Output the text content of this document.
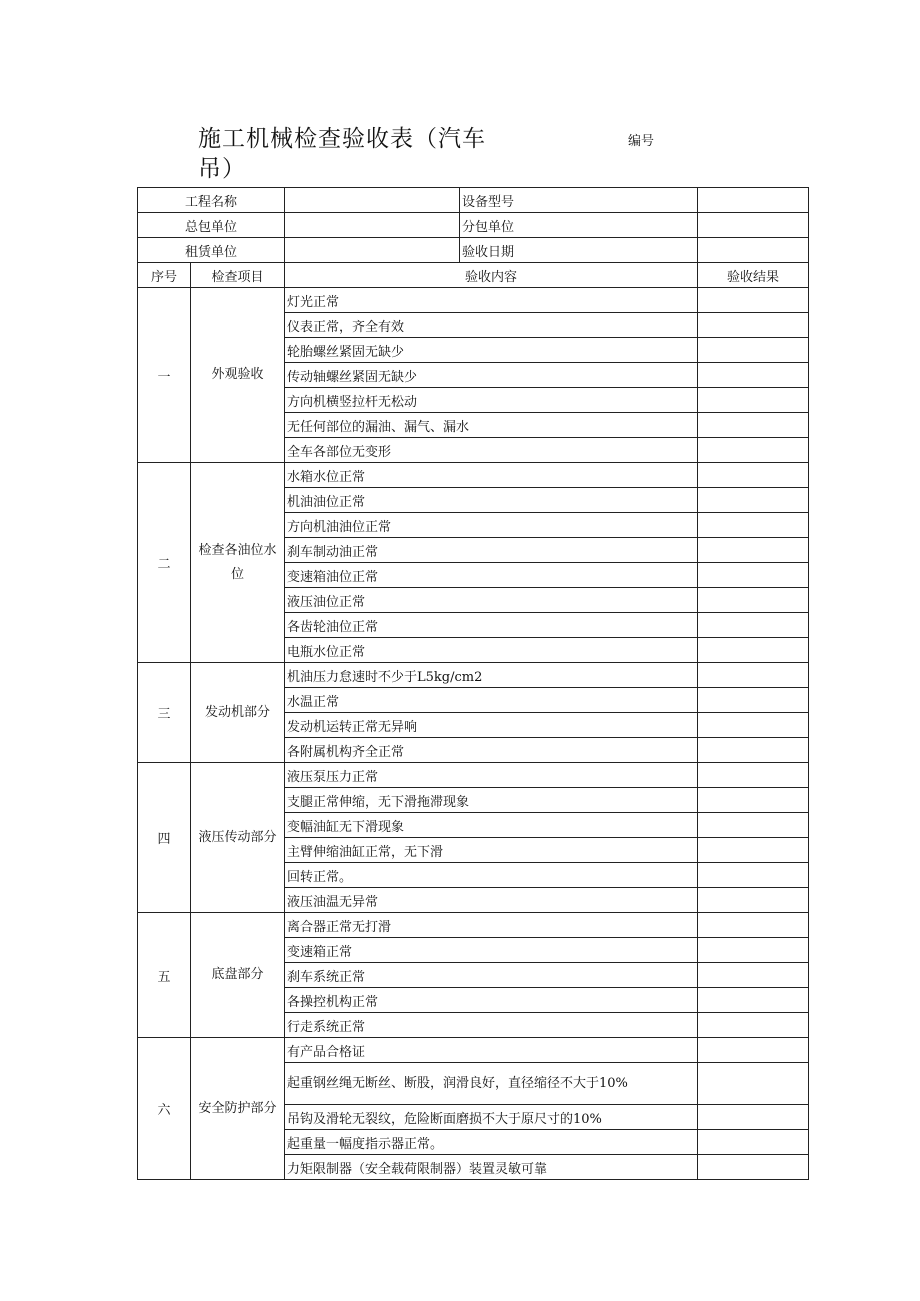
施工机械检查验收表（汽车
吊）
编号
工程名称			设备型号	
总包单位			分包单位	
租赁单位			验收日期	
序号	检查项目	验收内容		验收结果
一	外观验收	灯光正常		
		仪表正常，齐全有效		
		轮胎螺丝紧固无缺少		
		传动轴螺丝紧固无缺少		
		方向机横竖拉杆无松动		
		无任何部位的漏油、漏气、漏水		
		全车各部位无变形		
二	检查各油位水位	水箱水位正常		
		机油油位正常		
		方向机油油位正常		
		刹车制动油正常		
		变速箱油位正常		
		液压油位正常		
		各齿轮油位正常		
		电瓶水位正常		
三	发动机部分	机油压力怠速时不少于L5kg∕cm2		
		水温正常		
		发动机运转正常无异响		
		各附属机构齐全正常		
四	液压传动部分	液压泵压力正常		
		支腿正常伸缩，无下滑拖滞现象		
		变幅油缸无下滑现象		
		主臂伸缩油缸正常，无下滑		
		回转正常。		
		液压油温无异常		
五	底盘部分	离合器正常无打滑		
		变速箱正常		
		刹车系统正常		
		各操控机构正常		
		行走系统正常		
六	安全防护部分	有产品合格证		
		起重钢丝绳无断丝、断股，润滑良好，直径缩径不大于10%		
		吊钩及滑轮无裂纹，危险断面磨损不大于原尺寸的10%		
		起重量一幅度指示器正常。		
		力矩限制器（安全载荷限制器）装置灵敏可靠		
